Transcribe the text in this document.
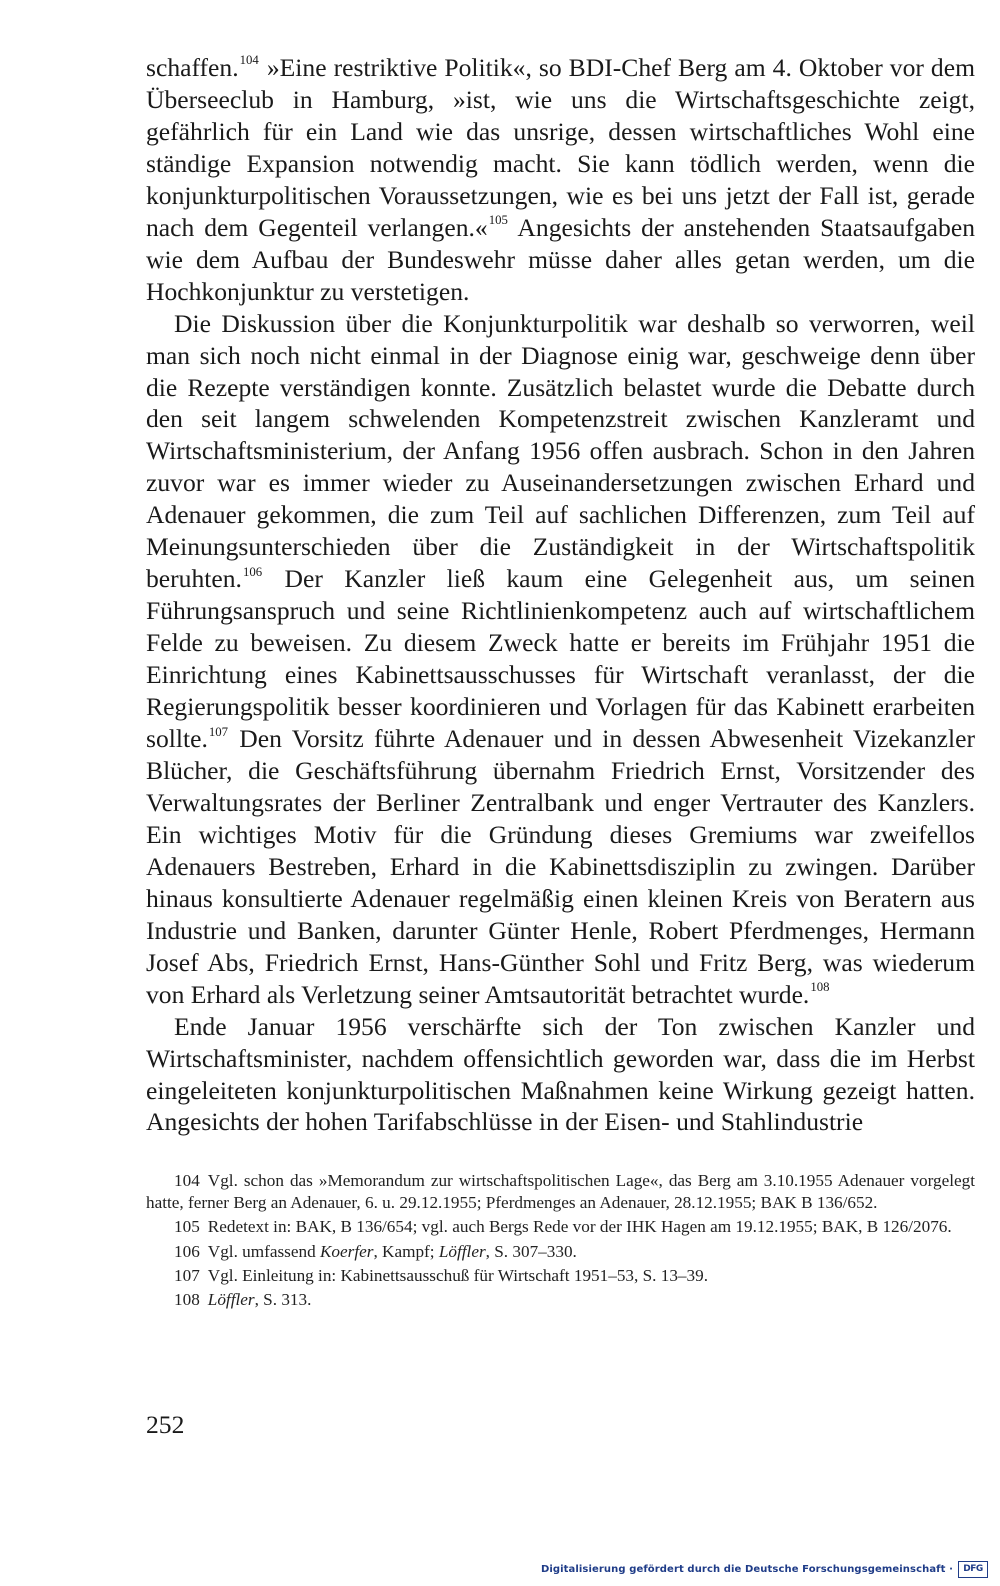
schaffen.$^{104}$ »Eine restriktive Politik«, so BDI-Chef Berg am 4. Oktober vor dem Überseeclub in Hamburg, »ist, wie uns die Wirtschaftsgeschichte zeigt, gefährlich für ein Land wie das unsrige, dessen wirtschaftliches Wohl eine ständige Expansion notwendig macht. Sie kann tödlich werden, wenn die konjunkturpolitischen Voraussetzungen, wie es bei uns jetzt der Fall ist, gerade nach dem Gegenteil verlangen.«$^{105}$ Angesichts der anstehenden Staatsaufgaben wie dem Aufbau der Bundeswehr müsse daher alles getan werden, um die Hochkonjunktur zu verstetigen.

Die Diskussion über die Konjunkturpolitik war deshalb so verworren, weil man sich noch nicht einmal in der Diagnose einig war, geschweige denn über die Rezepte verständigen konnte. Zusätzlich belastet wurde die Debatte durch den seit langem schwelenden Kompetenzstreit zwischen Kanzleramt und Wirtschaftsministerium, der Anfang 1956 offen ausbrach. Schon in den Jahren zuvor war es immer wieder zu Auseinandersetzungen zwischen Erhard und Adenauer gekommen, die zum Teil auf sachlichen Differenzen, zum Teil auf Meinungsunterschieden über die Zuständigkeit in der Wirtschaftspolitik beruhten.$^{106}$ Der Kanzler ließ kaum eine Gelegenheit aus, um seinen Führungsanspruch und seine Richtlinienkompetenz auch auf wirtschaftlichem Felde zu beweisen. Zu diesem Zweck hatte er bereits im Frühjahr 1951 die Einrichtung eines Kabinettsausschusses für Wirtschaft veranlasst, der die Regierungspolitik besser koordinieren und Vorlagen für das Kabinett erarbeiten sollte.$^{107}$ Den Vorsitz führte Adenauer und in dessen Abwesenheit Vizekanzler Blücher, die Geschäftsführung übernahm Friedrich Ernst, Vorsitzender des Verwaltungsrates der Berliner Zentralbank und enger Vertrauter des Kanzlers. Ein wichtiges Motiv für die Gründung dieses Gremiums war zweifellos Adenauers Bestreben, Erhard in die Kabinettsdisziplin zu zwingen. Darüber hinaus konsultierte Adenauer regelmäßig einen kleinen Kreis von Beratern aus Industrie und Banken, darunter Günter Henle, Robert Pferdmenges, Hermann Josef Abs, Friedrich Ernst, Hans-Günther Sohl und Fritz Berg, was wiederum von Erhard als Verletzung seiner Amtsautorität betrachtet wurde.$^{108}$

Ende Januar 1956 verschärfte sich der Ton zwischen Kanzler und Wirtschaftsminister, nachdem offensichtlich geworden war, dass die im Herbst eingeleiteten konjunkturpolitischen Maßnahmen keine Wirkung gezeigt hatten. Angesichts der hohen Tarifabschlüsse in der Eisen- und Stahlindustrie

104 Vgl. schon das »Memorandum zur wirtschaftspolitischen Lage«, das Berg am 3.10.1955 Adenauer vorgelegt hatte, ferner Berg an Adenauer, 6. u. 29.12.1955; Pferdmenges an Adenauer, 28.12.1955; BAK B 136/652.

105 Redetext in: BAK, B 136/654; vgl. auch Bergs Rede vor der IHK Hagen am 19.12.1955; BAK, B 126/2076.

106 Vgl. umfassend Koerfer, Kampf; Löffler, S. 307–330.

107 Vgl. Einleitung in: Kabinettsausschuß für Wirtschaft 1951–53, S. 13–39.

108 Löffler, S. 313.

252
Digitalisierung gefördert durch die Deutsche Forschungsgemeinschaft ·	DFG
